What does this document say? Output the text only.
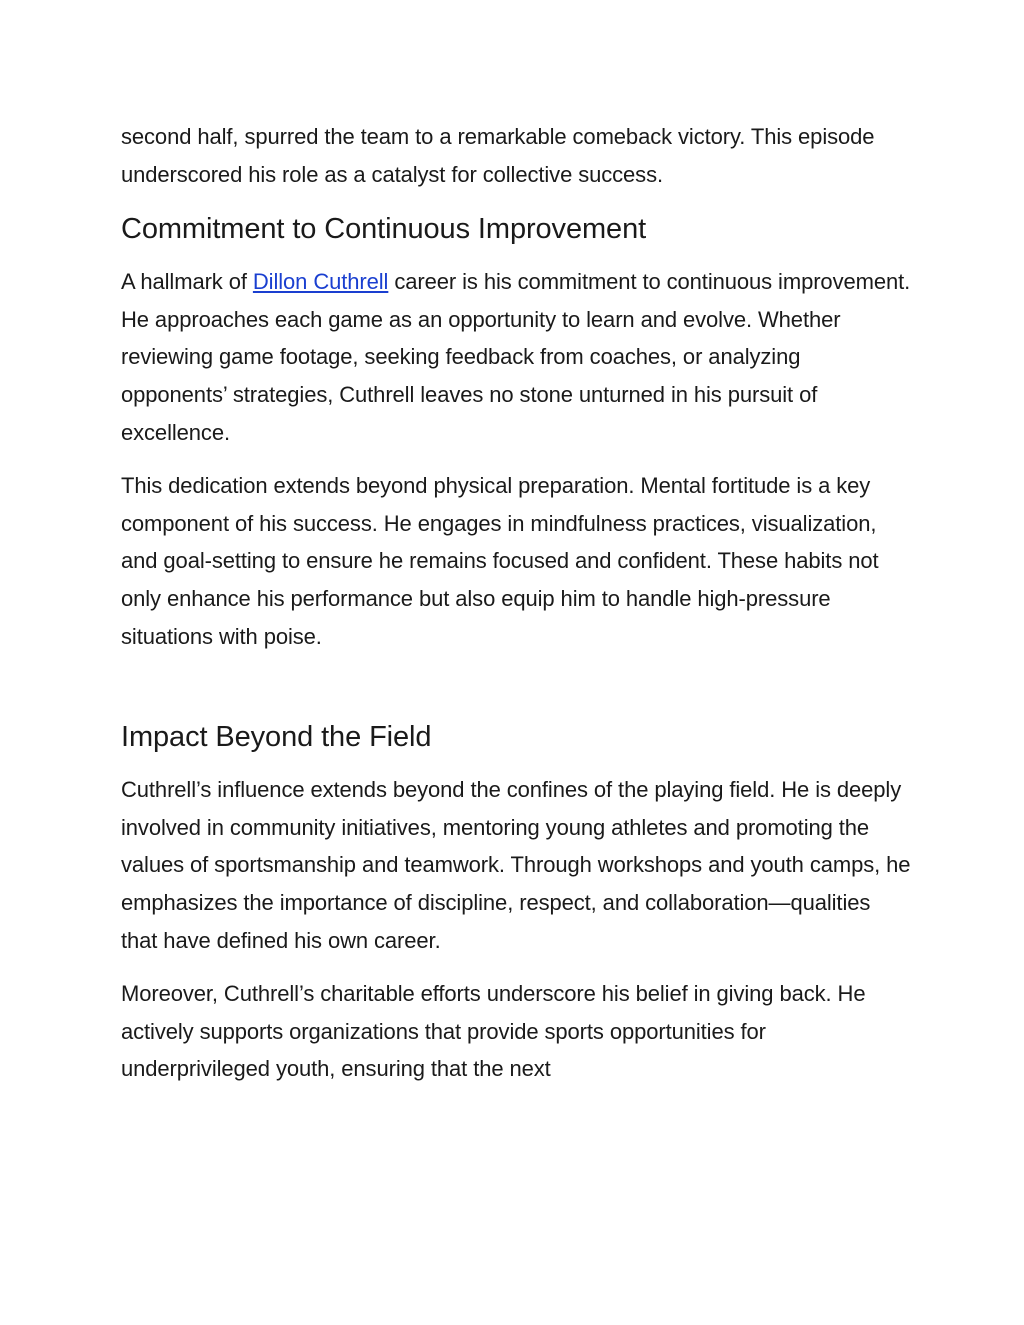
second half, spurred the team to a remarkable comeback victory. This episode underscored his role as a catalyst for collective success.

Commitment to Continuous Improvement

A hallmark of Dillon Cuthrell career is his commitment to continuous improvement. He approaches each game as an opportunity to learn and evolve. Whether reviewing game footage, seeking feedback from coaches, or analyzing opponents’ strategies, Cuthrell leaves no stone unturned in his pursuit of excellence.

This dedication extends beyond physical preparation. Mental fortitude is a key component of his success. He engages in mindfulness practices, visualization, and goal-setting to ensure he remains focused and confident. These habits not only enhance his performance but also equip him to handle high-pressure situations with poise.

Impact Beyond the Field

Cuthrell’s influence extends beyond the confines of the playing field. He is deeply involved in community initiatives, mentoring young athletes and promoting the values of sportsmanship and teamwork. Through workshops and youth camps, he emphasizes the importance of discipline, respect, and collaboration—qualities that have defined his own career.

Moreover, Cuthrell’s charitable efforts underscore his belief in giving back. He actively supports organizations that provide sports opportunities for underprivileged youth, ensuring that the next
